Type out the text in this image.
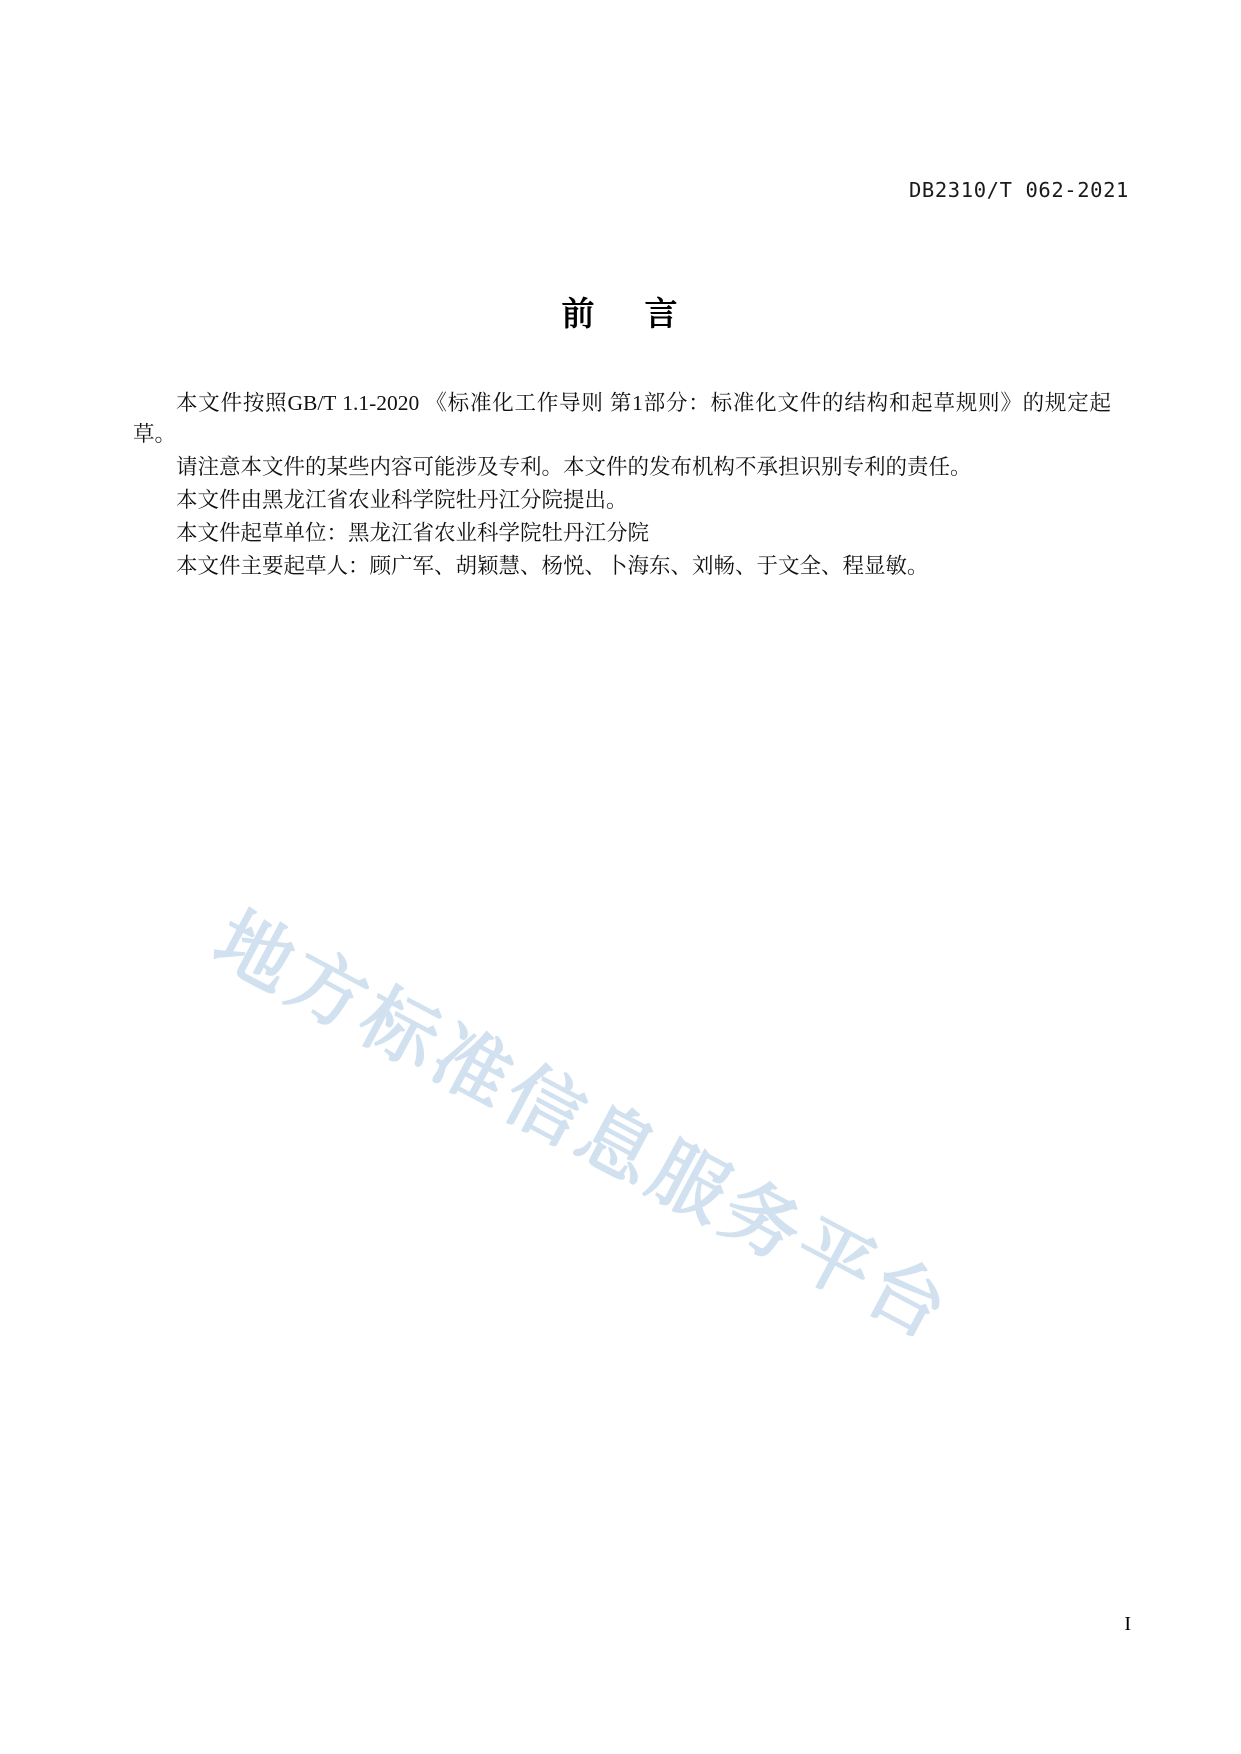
DB2310/T 062-2021
前 言

本文件按照GB/T 1.1-2020 《标准化工作导则 第1部分：标准化文件的结构和起草规则》的规定起草。

请注意本文件的某些内容可能涉及专利。本文件的发布机构不承担识别专利的责任。

本文件由黑龙江省农业科学院牡丹江分院提出。

本文件起草单位：黑龙江省农业科学院牡丹江分院

本文件主要起草人：顾广军、胡颖慧、杨悦、卜海东、刘畅、于文全、程显敏。

地方标准信息服务平台
I
